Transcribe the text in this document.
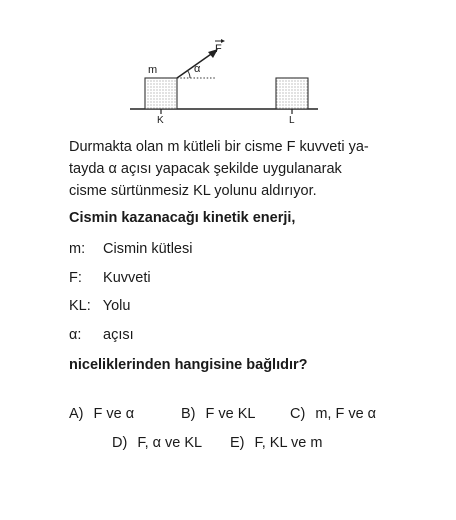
m	α
F
K	L
Durmakta olan m kütleli bir cisme F kuvveti ya-
tayda α açısı yapacak şekilde uygulanarak
cisme sürtünmesiz KL yolunu aldırıyor.
Cismin kazanacağı kinetik enerji,
m: Cismin kütlesi
F: Kuvveti
KL: Yolu
α: açısı
niceliklerinden hangisine bağlıdır?
A) F ve α	B) F ve KL C) m, F ve α
D) F, α ve KL E) F, KL ve m
